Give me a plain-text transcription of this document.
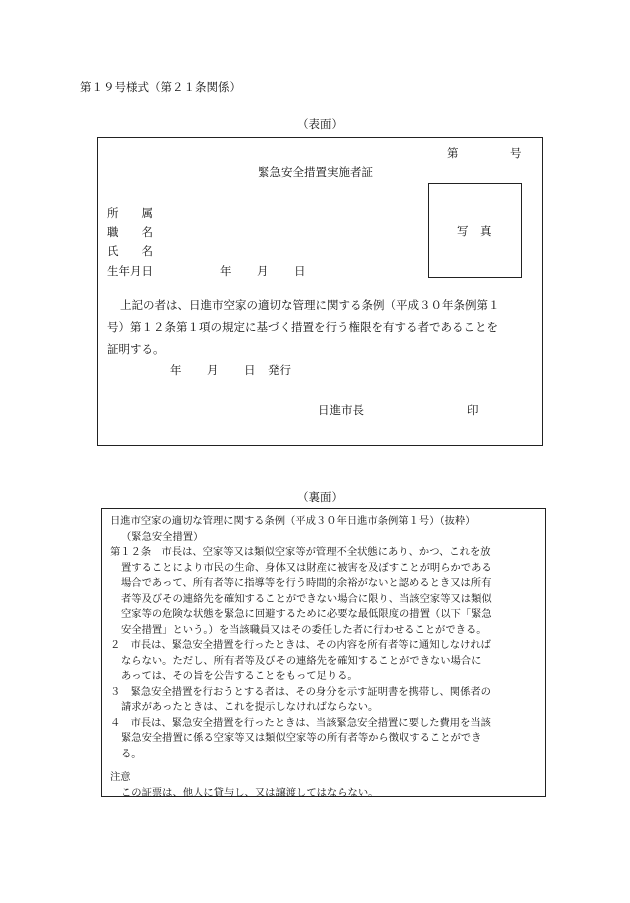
第１９号様式（第２１条関係）
（表面）
第	号
緊急安全措置実施者証
写　真
所　　属
職　　名
氏　　名
生年月日	年 月 日
上記の者は、日進市空家の適切な管理に関する条例（平成３０年条例第１
号）第１２条第１項の規定に基づく措置を行う権限を有する者であることを
証明する。
年 月 日 発行
日進市長	印
（裏面）
日進市空家の適切な管理に関する条例（平成３０年日進市条例第１号）（抜粋）
（緊急安全措置）
第１２条　市長は、空家等又は類似空家等が管理不全状態にあり、かつ、これを放
置することにより市民の生命、身体又は財産に被害を及ぼすことが明らかである
場合であって、所有者等に指導等を行う時間的余裕がないと認めるとき又は所有
者等及びその連絡先を確知することができない場合に限り、当該空家等又は類似
空家等の危険な状態を緊急に回避するために必要な最低限度の措置（以下「緊急
安全措置」という。）を当該職員又はその委任した者に行わせることができる。
２　市長は、緊急安全措置を行ったときは、その内容を所有者等に通知しなければ
ならない。ただし、所有者等及びその連絡先を確知することができない場合に
あっては、その旨を公告することをもって足りる。
３　緊急安全措置を行おうとする者は、その身分を示す証明書を携帯し、関係者の
請求があったときは、これを提示しなければならない。
４　市長は、緊急安全措置を行ったときは、当該緊急安全措置に要した費用を当該
緊急安全措置に係る空家等又は類似空家等の所有者等から徴収することができ
る。
注意
この証票は、他人に貸与し、又は譲渡してはならない。
